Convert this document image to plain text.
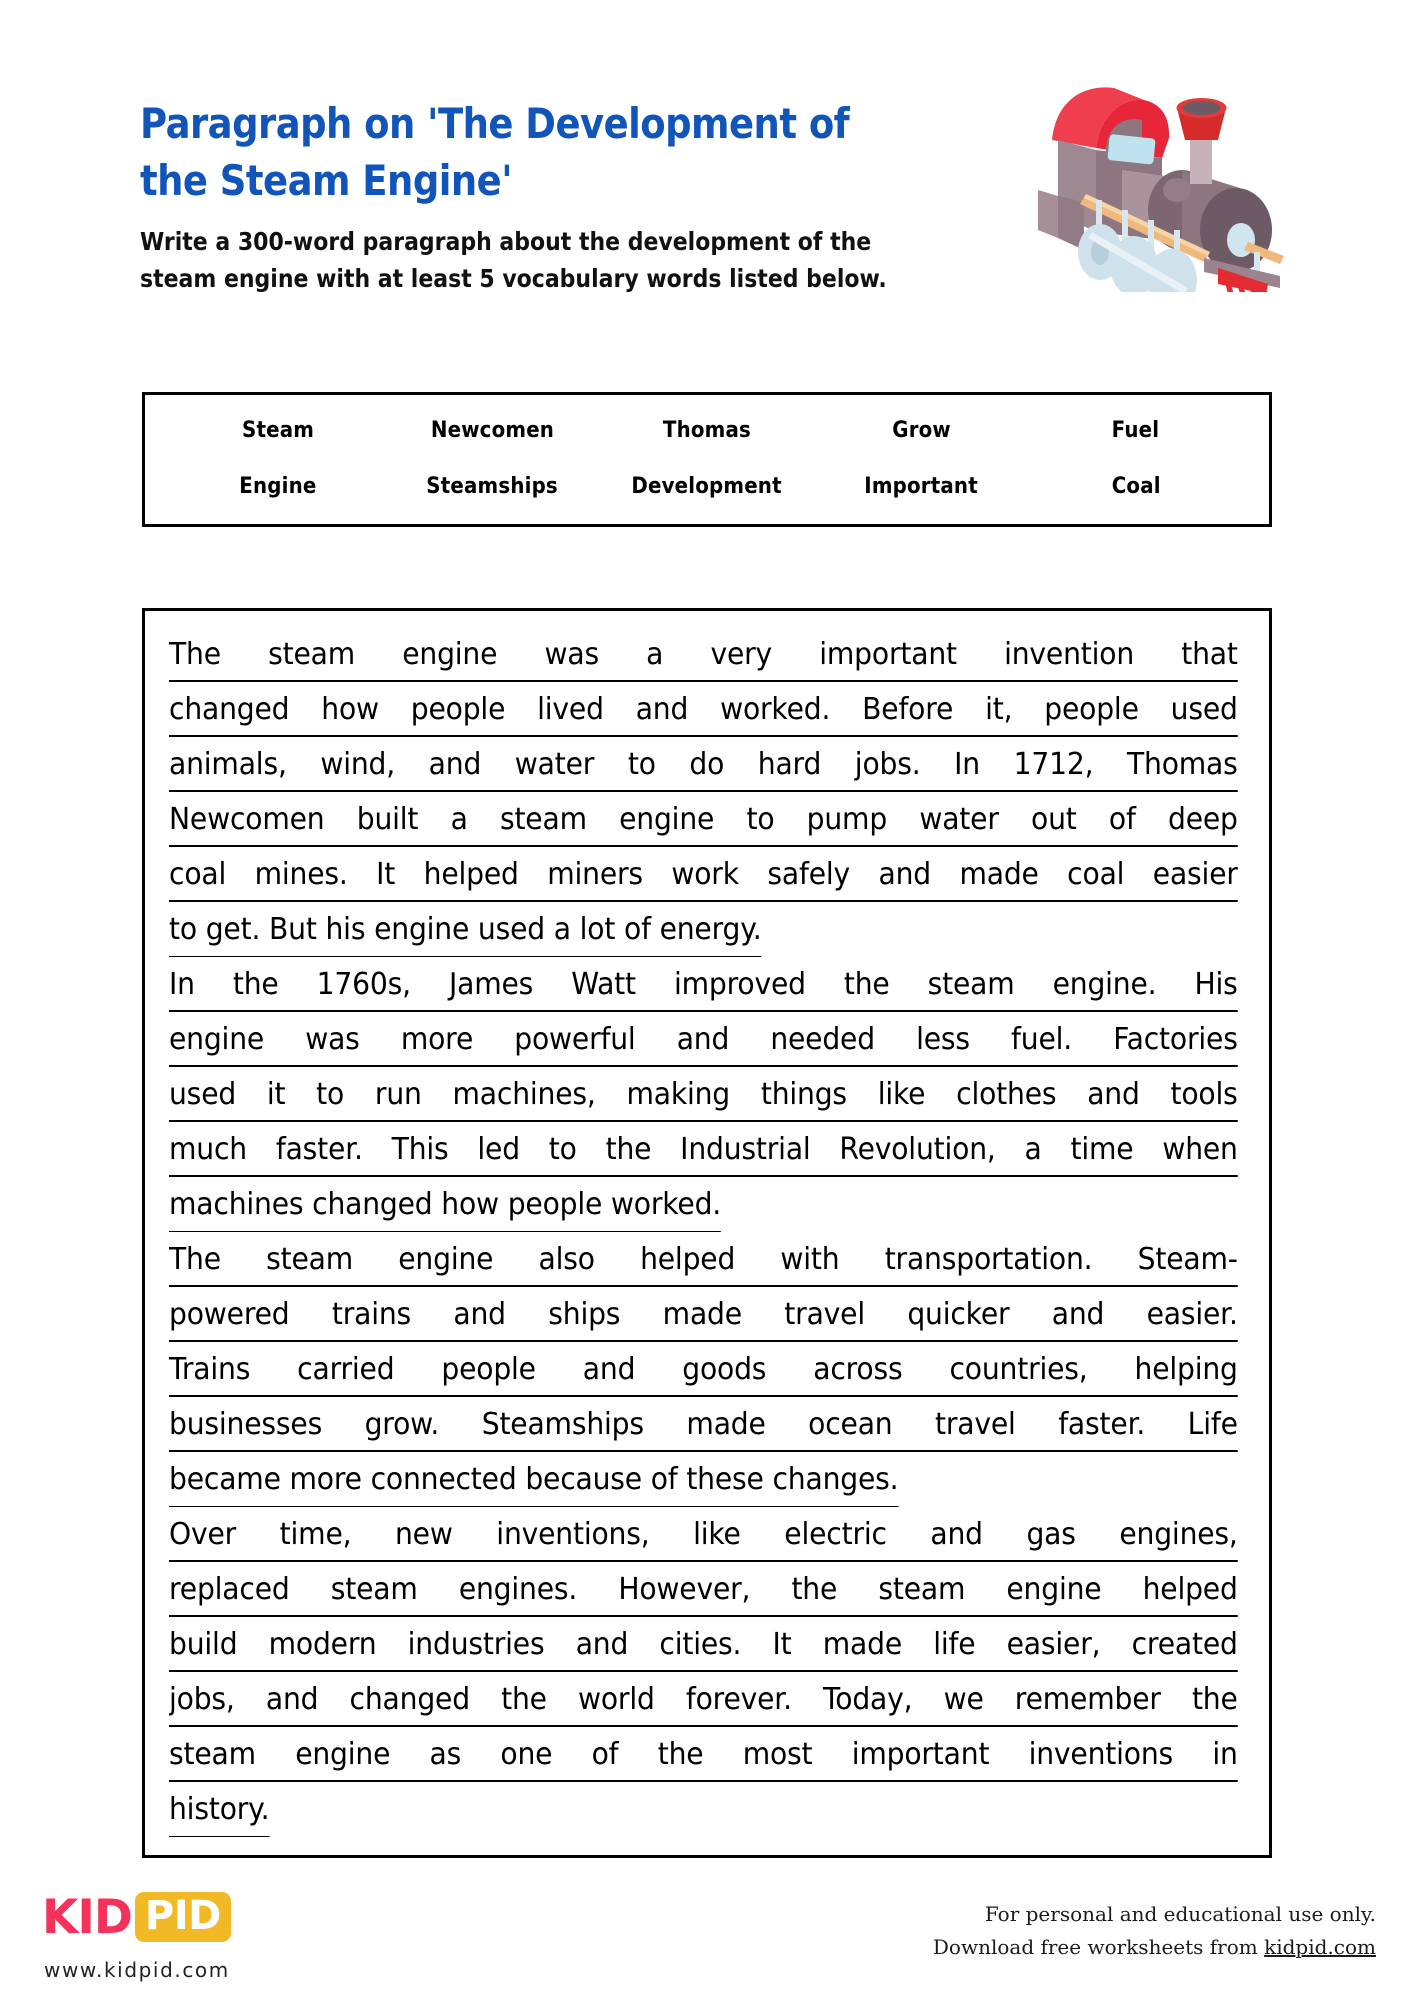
Paragraph on 'The Development of the Steam Engine'

Write a 300-word paragraph about the development of the steam engine with at least 5 vocabulary words listed below.

Steam	Newcomen	Thomas	Grow	Fuel
Engine	Steamships	Development	Important	Coal
The steam engine was a very important invention that
changed how people lived and worked. Before it, people used
animals, wind, and water to do hard jobs. In 1712, Thomas
Newcomen built a steam engine to pump water out of deep
coal mines. It helped miners work safely and made coal easier
to get. But his engine used a lot of energy.
In the 1760s, James Watt improved the steam engine. His
engine was more powerful and needed less fuel. Factories
used it to run machines, making things like clothes and tools
much faster. This led to the Industrial Revolution, a time when
machines changed how people worked.
The steam engine also helped with transportation. Steam-
powered trains and ships made travel quicker and easier.
Trains carried people and goods across countries, helping
businesses grow. Steamships made ocean travel faster. Life
became more connected because of these changes.
Over time, new inventions, like electric and gas engines,
replaced steam engines. However, the steam engine helped
build modern industries and cities. It made life easier, created
jobs, and changed the world forever. Today, we remember the
steam engine as one of the most important inventions in
history.
KID PID
www.kidpid.com
For personal and educational use only.
Download free worksheets from kidpid.com
